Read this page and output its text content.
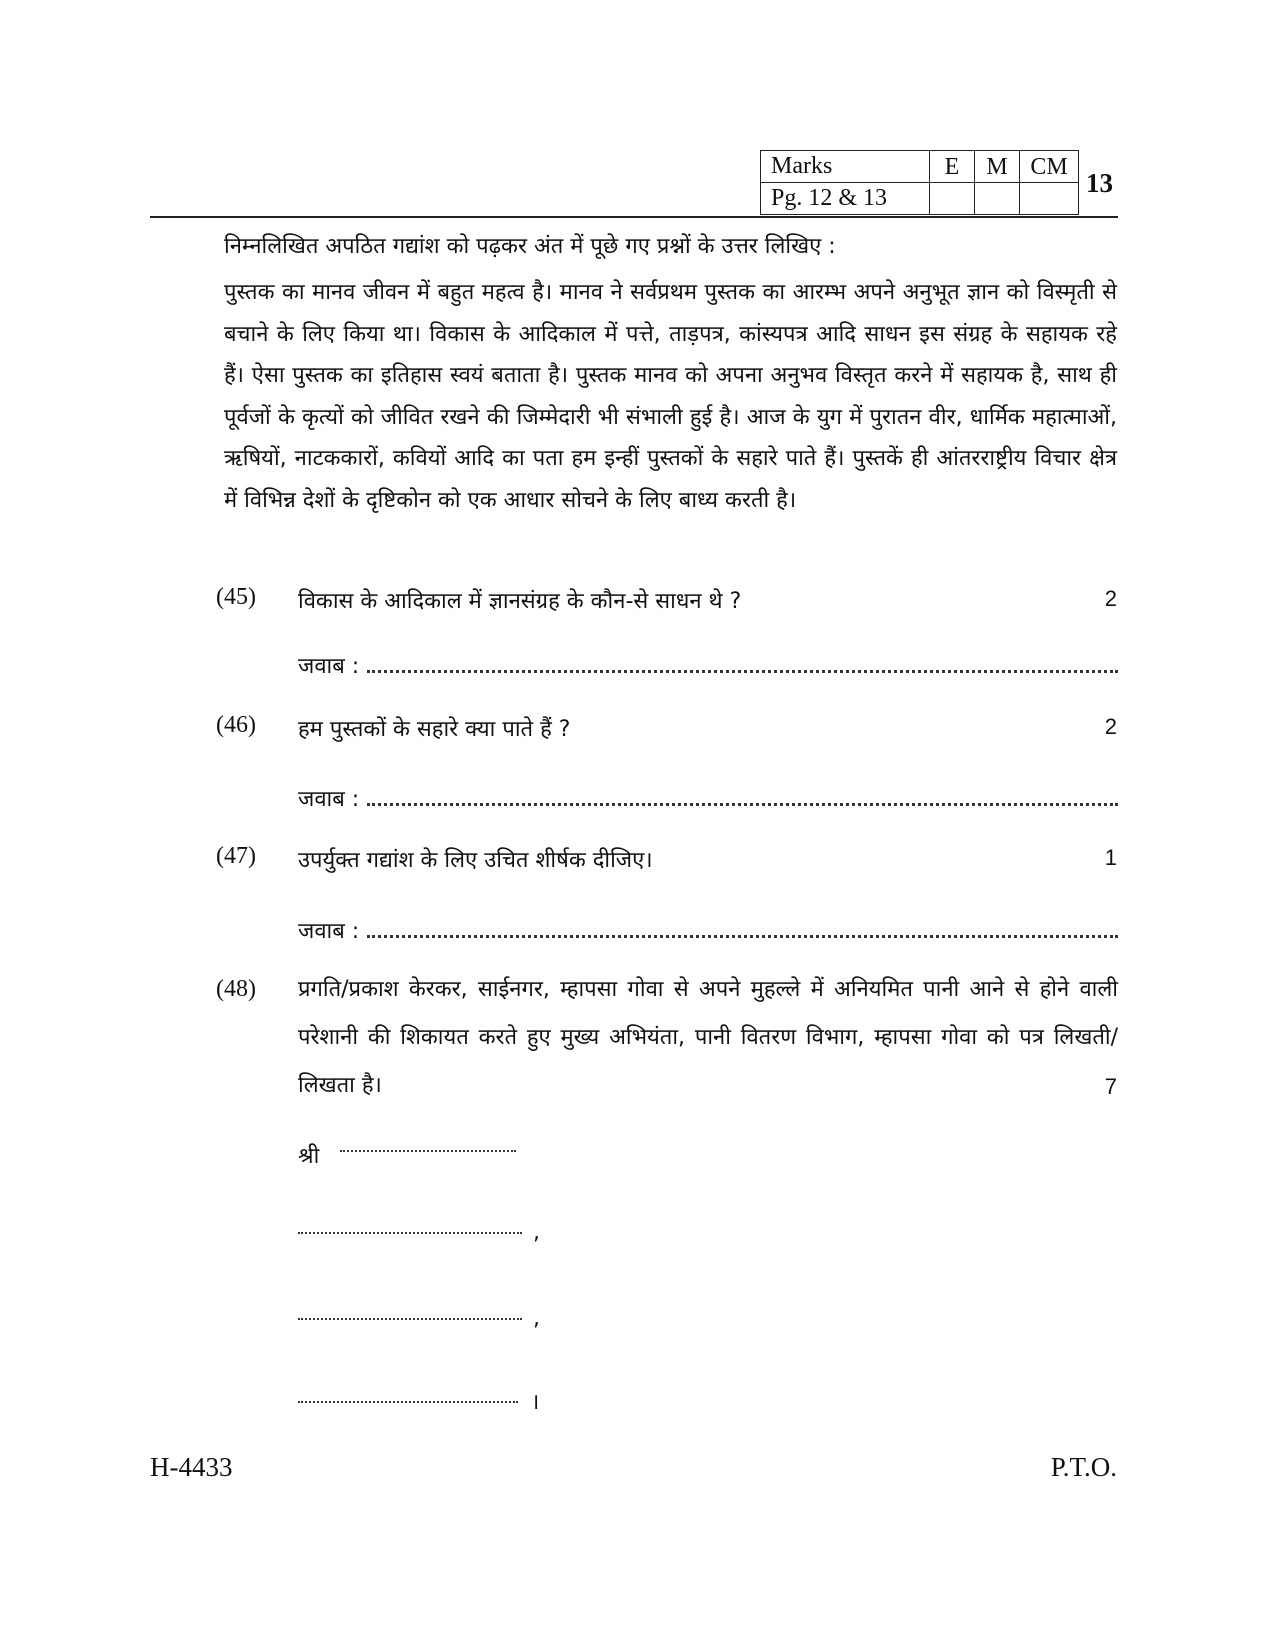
Marks	E	M	CM
Pg. 12 & 13				13
निम्नलिखित अपठित गद्यांश को पढ़कर अंत में पूछे गए प्रश्नों के उत्तर लिखिए :
पुस्तक का मानव जीवन में बहुत महत्व है। मानव ने सर्वप्रथम पुस्तक का आरम्भ अपने अनुभूत ज्ञान को विस्मृती से बचाने के लिए किया था। विकास के आदिकाल में पत्ते, ताड़पत्र, कांस्यपत्र आदि साधन इस संग्रह के सहायक रहे हैं। ऐसा पुस्तक का इतिहास स्वयं बताता है। पुस्तक मानव को अपना अनुभव विस्तृत करने में सहायक है, साथ ही पूर्वजों के कृत्यों को जीवित रखने की जिम्मेदारी भी संभाली हुई है। आज के युग में पुरातन वीर, धार्मिक महात्माओं, ऋषियों, नाटककारों, कवियों आदि का पता हम इन्हीं पुस्तकों के सहारे पाते हैं। पुस्तकें ही आंतरराष्ट्रीय विचार क्षेत्र में विभिन्न देशों के दृष्टिकोन को एक आधार सोचने के लिए बाध्य करती है।
(45) विकास के आदिकाल में ज्ञानसंग्रह के कौन-से साधन थे ?	2
जवाब :
(46) हम पुस्तकों के सहारे क्या पाते हैं ?	2
जवाब :
(47) उपर्युक्त गद्यांश के लिए उचित शीर्षक दीजिए।	1
जवाब :
(48) प्रगति/प्रकाश केरकर, साईनगर, म्हापसा गोवा से अपने मुहल्ले में अनियमित पानी आने से होने वाली परेशानी की शिकायत करते हुए मुख्य अभियंता, पानी वितरण विभाग, म्हापसा गोवा को पत्र लिखती/लिखता है।	7
श्री
,
,
।
H-4433	P.T.O.
